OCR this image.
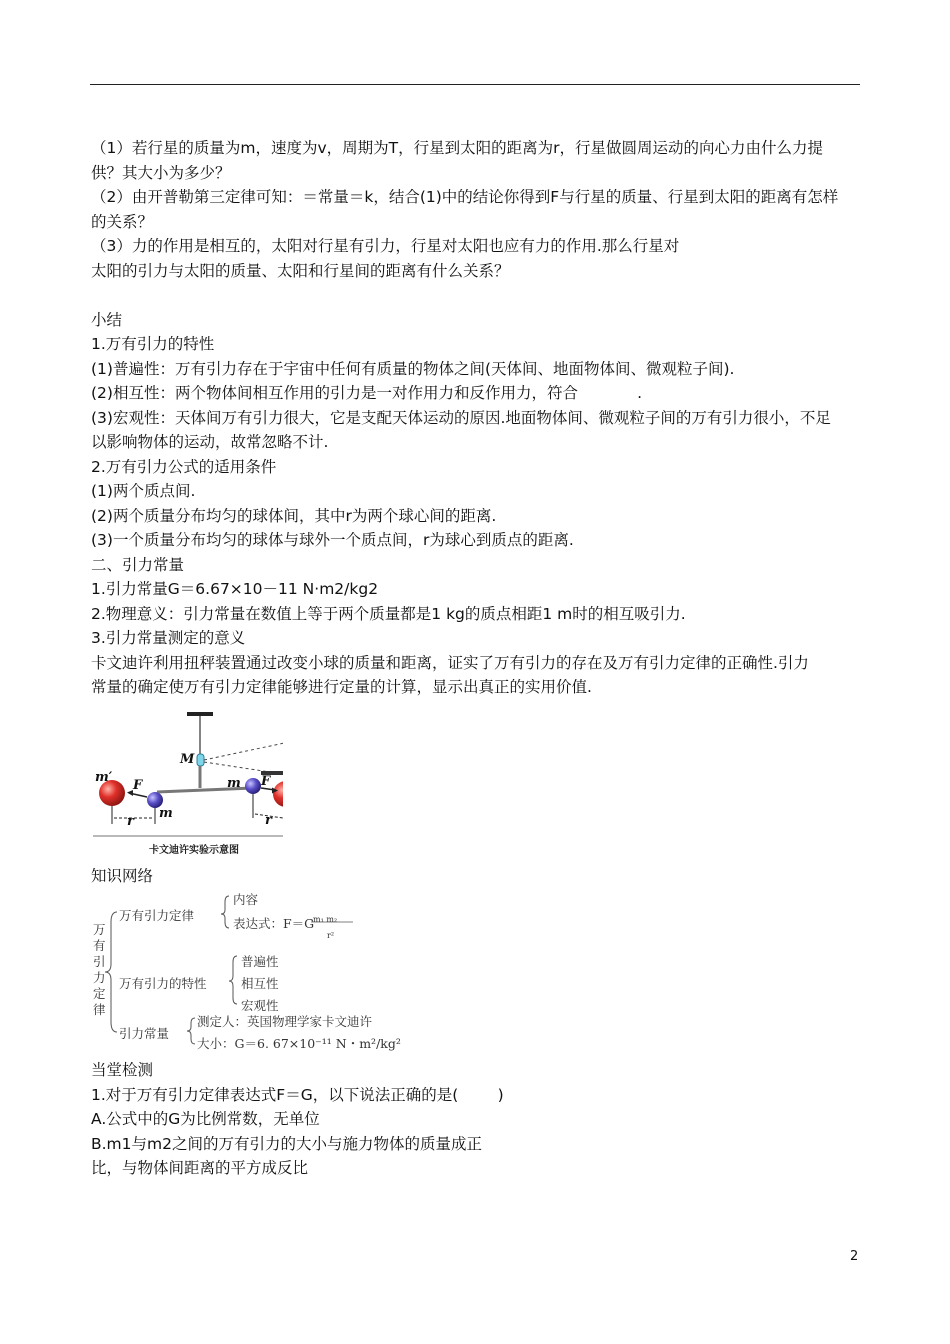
（1）若行星的质量为m，速度为v，周期为T，行星到太阳的距离为r，行星做圆周运动的向心力由什么力提

供？其大小为多少？

（2）由开普勒第三定律可知：＝常量＝k，结合(1)中的结论你得到F与行星的质量、行星到太阳的距离有怎样

的关系？

（3）力的作用是相互的，太阳对行星有引力，行星对太阳也应有力的作用.那么行星对

太阳的引力与太阳的质量、太阳和行星间的距离有什么关系？

小结

1.万有引力的特性

(1)普遍性：万有引力存在于宇宙中任何有质量的物体之间(天体间、地面物体间、微观粒子间).

(2)相互性：两个物体间相互作用的引力是一对作用力和反作用力，符合            .

(3)宏观性：天体间万有引力很大，它是支配天体运动的原因.地面物体间、微观粒子间的万有引力很小，不足

以影响物体的运动，故常忽略不计.

2.万有引力公式的适用条件

(1)两个质点间.

(2)两个质量分布均匀的球体间，其中r为两个球心间的距离.

(3)一个质量分布均匀的球体与球外一个质点间，r为球心到质点的距离.

二、引力常量

1.引力常量G＝6.67×10－11 N·m2/kg2

2.物理意义：引力常量在数值上等于两个质量都是1 kg的质点相距1 m时的相互吸引力.

3.引力常量测定的意义

卡文迪许利用扭秤装置通过改变小球的质量和距离，证实了万有引力的存在及万有引力定律的正确性.引力

常量的确定使万有引力定律能够进行定量的计算，显示出真正的实用价值.

m′
M
F
m
m F
r	r
卡文迪许实验示意图

知识网络

万有引力定律
万有引力定律
内容
表达式：F＝G
m₁ m₂
r²
万有引力的特性
普遍性
相互性
宏观性
引力常量
测定人：英国物理学家卡文迪许
大小：G＝6. 67×10⁻¹¹ N・m²/kg²

当堂检测

1.对于万有引力定律表达式F＝G，以下说法正确的是(        )

A.公式中的G为比例常数，无单位

B.m1与m2之间的万有引力的大小与施力物体的质量成正

比，与物体间距离的平方成反比

2
